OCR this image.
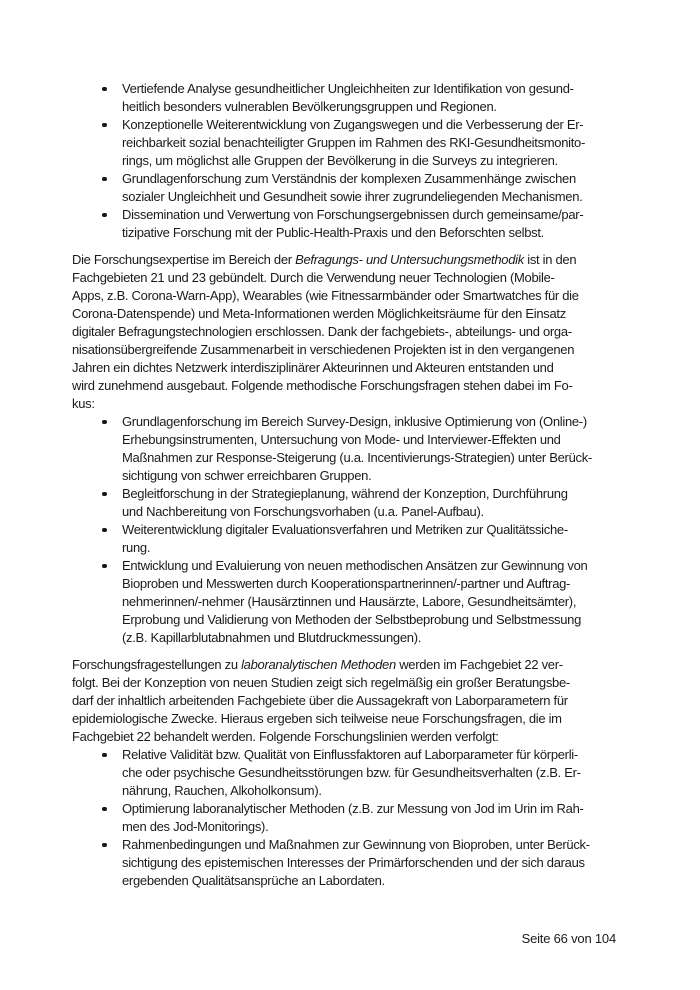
Vertiefende Analyse gesundheitlicher Ungleichheiten zur Identifikation von gesund-
heitlich besonders vulnerablen Bevölkerungsgruppen und Regionen.
Konzeptionelle Weiterentwicklung von Zugangswegen und die Verbesserung der Er-
reichbarkeit sozial benachteiligter Gruppen im Rahmen des RKI-Gesundheitsmonito-
rings, um möglichst alle Gruppen der Bevölkerung in die Surveys zu integrieren.
Grundlagenforschung zum Verständnis der komplexen Zusammenhänge zwischen
sozialer Ungleichheit und Gesundheit sowie ihrer zugrundeliegenden Mechanismen.
Dissemination und Verwertung von Forschungsergebnissen durch gemeinsame/par-
tizipative Forschung mit der Public-Health-Praxis und den Beforschten selbst.
Die Forschungsexpertise im Bereich der Befragungs- und Untersuchungsmethodik ist in den
Fachgebieten 21 und 23 gebündelt. Durch die Verwendung neuer Technologien (Mobile-
Apps, z.B. Corona-Warn-App), Wearables (wie Fitnessarmbänder oder Smartwatches für die
Corona-Datenspende) und Meta-Informationen werden Möglichkeitsräume für den Einsatz
digitaler Befragungstechnologien erschlossen. Dank der fachgebiets-, abteilungs- und orga-
nisationsübergreifende Zusammenarbeit in verschiedenen Projekten ist in den vergangenen
Jahren ein dichtes Netzwerk interdisziplinärer Akteurinnen und Akteuren entstanden und
wird zunehmend ausgebaut. Folgende methodische Forschungsfragen stehen dabei im Fo-
kus:
Grundlagenforschung im Bereich Survey-Design, inklusive Optimierung von (Online-)
Erhebungsinstrumenten, Untersuchung von Mode- und Interviewer-Effekten und
Maßnahmen zur Response-Steigerung (u.a. Incentivierungs-Strategien) unter Berück-
sichtigung von schwer erreichbaren Gruppen.
Begleitforschung in der Strategieplanung, während der Konzeption, Durchführung
und Nachbereitung von Forschungsvorhaben (u.a. Panel-Aufbau).
Weiterentwicklung digitaler Evaluationsverfahren und Metriken zur Qualitätssiche-
rung.
Entwicklung und Evaluierung von neuen methodischen Ansätzen zur Gewinnung von
Bioproben und Messwerten durch Kooperationspartnerinnen/-partner und Auftrag-
nehmerinnen/-nehmer (Hausärztinnen und Hausärzte, Labore, Gesundheitsämter),
Erprobung und Validierung von Methoden der Selbstbeprobung und Selbstmessung
(z.B. Kapillarblutabnahmen und Blutdruckmessungen).
Forschungsfragestellungen zu laboranalytischen Methoden werden im Fachgebiet 22 ver-
folgt. Bei der Konzeption von neuen Studien zeigt sich regelmäßig ein großer Beratungsbe-
darf der inhaltlich arbeitenden Fachgebiete über die Aussagekraft von Laborparametern für
epidemiologische Zwecke. Hieraus ergeben sich teilweise neue Forschungsfragen, die im
Fachgebiet 22 behandelt werden. Folgende Forschungslinien werden verfolgt:
Relative Validität bzw. Qualität von Einflussfaktoren auf Laborparameter für körperli-
che oder psychische Gesundheitsstörungen bzw. für Gesundheitsverhalten (z.B. Er-
nährung, Rauchen, Alkoholkonsum).
Optimierung laboranalytischer Methoden (z.B. zur Messung von Jod im Urin im Rah-
men des Jod-Monitorings).
Rahmenbedingungen und Maßnahmen zur Gewinnung von Bioproben, unter Berück-
sichtigung des epistemischen Interesses der Primärforschenden und der sich daraus
ergebenden Qualitätsansprüche an Labordaten.
Seite 66 von 104
